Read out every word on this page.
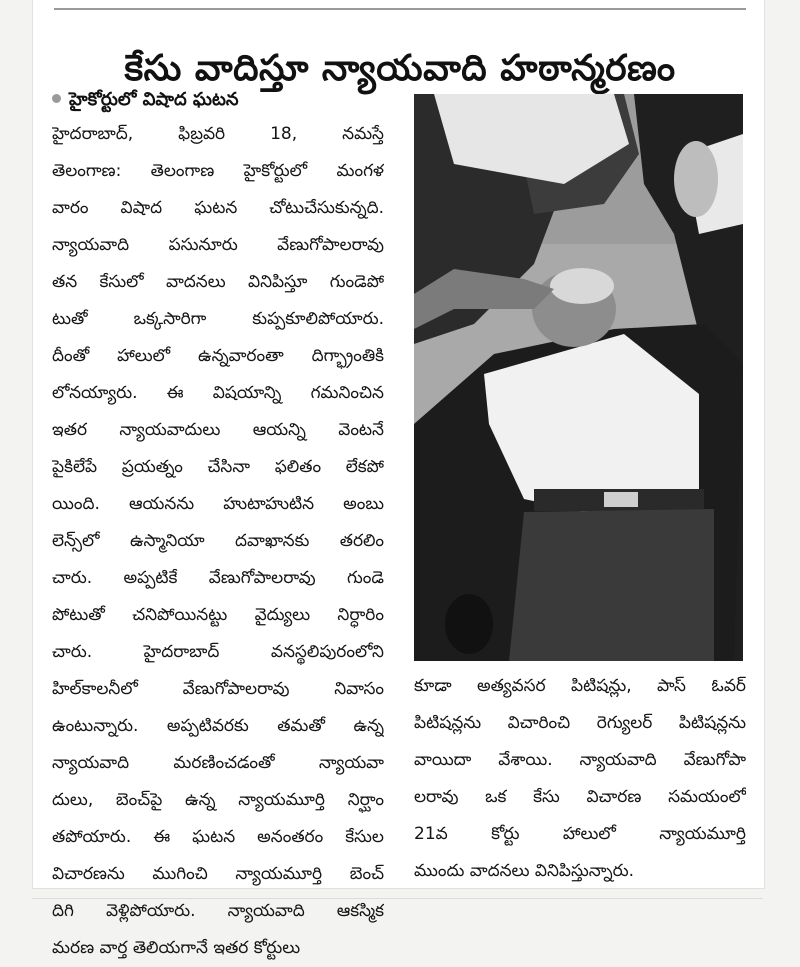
కేసు వాదిస్తూ న్యాయవాది హఠాన్మరణం
హైకోర్టులో విషాద ఘటన
హైదరాబాద్, ఫిబ్రవరి 18, నమస్తే
తెలంగాణ: తెలంగాణ హైకోర్టులో మంగళ
వారం విషాద ఘటన చోటుచేసుకున్నది.
న్యాయవాది పసునూరు వేణుగోపాలరావు
తన కేసులో వాదనలు వినిపిస్తూ గుండెపో
టుతో ఒక్కసారిగా కుప్పకూలిపోయారు.
దీంతో హాలులో ఉన్నవారంతా దిగ్భ్రాంతికి
లోనయ్యారు. ఈ విషయాన్ని గమనించిన
ఇతర న్యాయవాదులు ఆయన్ని వెంటనే
పైకిలేపే ప్రయత్నం చేసినా ఫలితం లేకపో
యింది. ఆయనను హుటాహుటిన అంబు
లెన్స్‌లో ఉస్మానియా దవాఖానకు తరలిం
చారు. అప్పటికే వేణుగోపాలరావు గుండె
పోటుతో చనిపోయినట్టు వైద్యులు నిర్ధారిం
చారు. హైదరాబాద్ వనస్థలిపురంలోని
హిల్‌కాలనీలో వేణుగోపాలరావు నివాసం
ఉంటున్నారు. అప్పటివరకు తమతో ఉన్న
న్యాయవాది మరణించడంతో న్యాయవా
దులు, బెంచ్‌పై ఉన్న న్యాయమూర్తి నిర్ఘాం
తపోయారు. ఈ ఘటన అనంతరం కేసుల
విచారణను ముగించి న్యాయమూర్తి బెంచ్
దిగి వెళ్లిపోయారు. న్యాయవాది ఆకస్మిక
మరణ వార్త తెలియగానే ఇతర కోర్టులు
కూడా అత్యవసర పిటిషన్లు, పాస్ ఓవర్
పిటిషన్లను విచారించి రెగ్యులర్ పిటిషన్లను
వాయిదా వేశాయి. న్యాయవాది వేణుగోపా
లరావు ఒక కేసు విచారణ సమయంలో
21వ కోర్టు హాలులో న్యాయమూర్తి
ముందు వాదనలు వినిపిస్తున్నారు.
